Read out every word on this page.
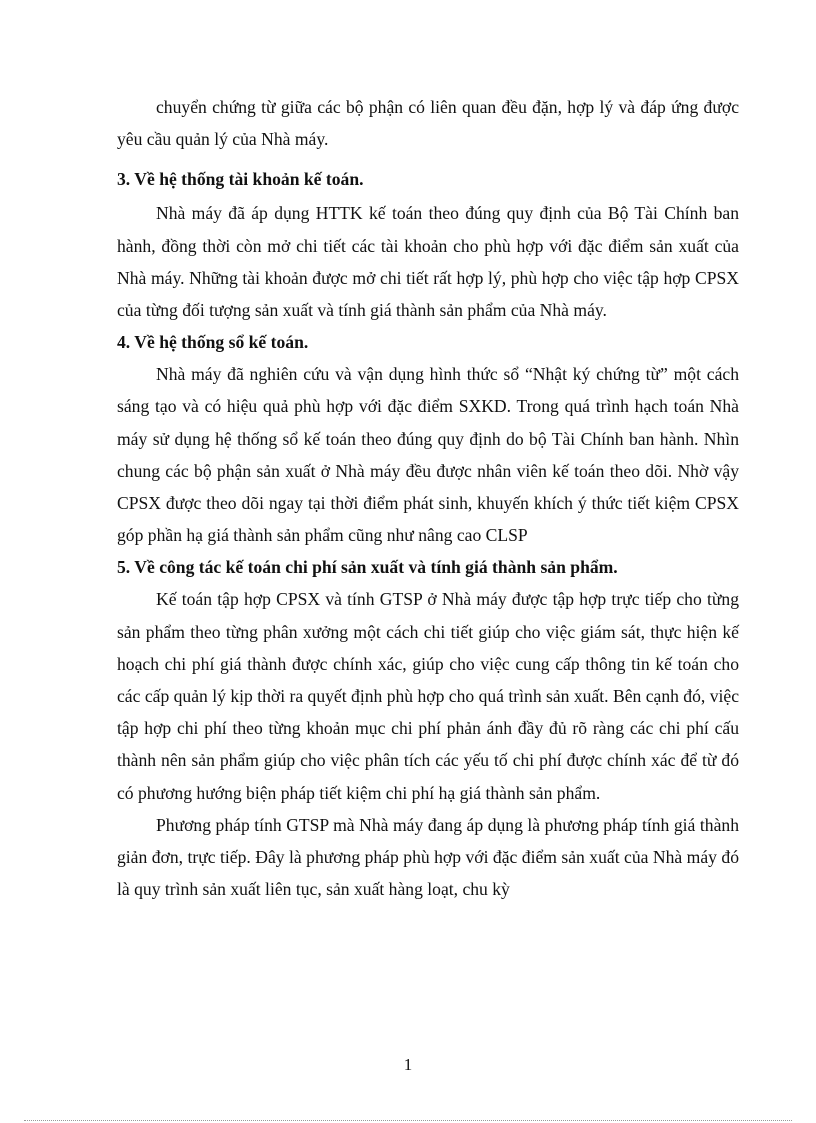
chuyển chứng từ giữa các bộ phận có liên quan đều đặn, hợp lý và đáp ứng được yêu cầu quản lý của Nhà máy.

3. Về hệ thống tài khoản kế toán.

Nhà máy đã áp dụng HTTK kế toán theo đúng quy định của Bộ Tài Chính ban hành, đồng thời còn mở chi tiết các tài khoản cho phù hợp với đặc điểm sản xuất của Nhà máy. Những tài khoản được mở chi tiết rất hợp lý, phù hợp cho việc tập hợp CPSX của từng đối tượng sản xuất và tính giá thành sản phẩm của Nhà máy.

4. Về hệ thống sổ kế toán.

Nhà máy đã nghiên cứu và vận dụng hình thức sổ “Nhật ký chứng từ” một cách sáng tạo và có hiệu quả phù hợp với đặc điểm SXKD. Trong quá trình hạch toán Nhà máy sử dụng hệ thống sổ kế toán theo đúng quy định do bộ Tài Chính ban hành. Nhìn chung các bộ phận sản xuất ở Nhà máy đều được nhân viên kế toán theo dõi. Nhờ vậy CPSX được theo dõi ngay tại thời điểm phát sinh, khuyến khích ý thức tiết kiệm CPSX góp phần hạ giá thành sản phẩm cũng như nâng cao CLSP

5. Về công tác kế toán chi phí sản xuất và tính giá thành sản phẩm.

Kế toán tập hợp CPSX và tính GTSP ở Nhà máy được tập hợp trực tiếp cho từng sản phẩm theo từng phân xưởng một cách chi tiết giúp cho việc giám sát, thực hiện kế hoạch chi phí giá thành được chính xác, giúp cho việc cung cấp thông tin kế toán cho các cấp quản lý kịp thời ra quyết định phù hợp cho quá trình sản xuất. Bên cạnh đó, việc tập hợp chi phí theo từng khoản mục chi phí phản ánh đầy đủ rõ ràng các chi phí cấu thành nên sản phẩm giúp cho việc phân tích các yếu tố chi phí được chính xác để từ đó có phương hướng biện pháp tiết kiệm chi phí hạ giá thành sản phẩm.

Phương pháp tính GTSP mà Nhà máy đang áp dụng là phương pháp tính giá thành giản đơn, trực tiếp. Đây là phương pháp phù hợp với đặc điểm sản xuất của Nhà máy đó là quy trình sản xuất liên tục, sản xuất hàng loạt, chu kỳ

1
